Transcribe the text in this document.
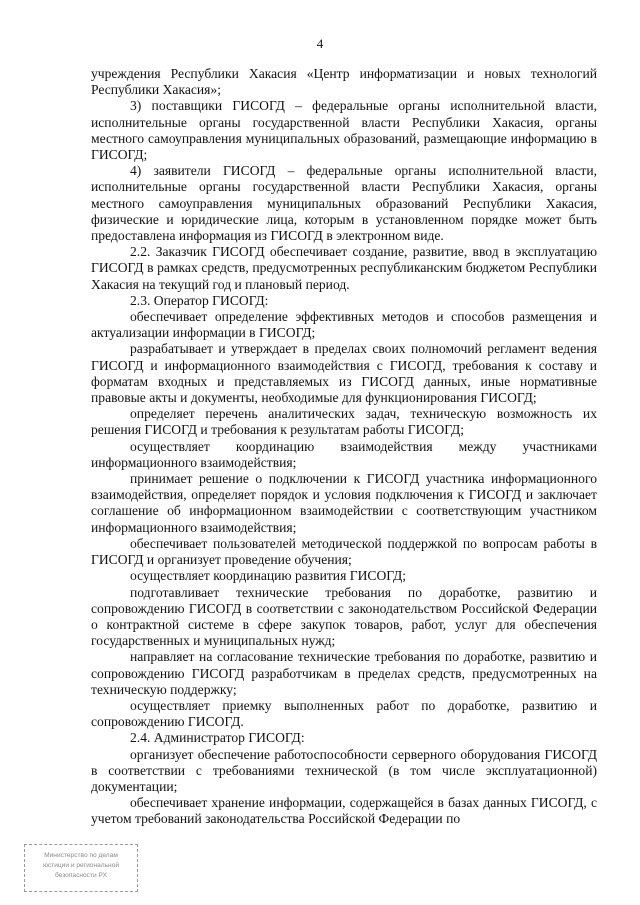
4

учреждения Республики Хакасия «Центр информатизации и новых технологий Республики Хакасия»;

3) поставщики ГИСОГД – федеральные органы исполнительной власти, исполнительные органы государственной власти Республики Хакасия, органы местного самоуправления муниципальных образований, размещающие информацию в ГИСОГД;

4) заявители ГИСОГД – федеральные органы исполнительной власти, исполнительные органы государственной власти Республики Хакасия, органы местного самоуправления муниципальных образований Республики Хакасия, физические и юридические лица, которым в установленном порядке может быть предоставлена информация из ГИСОГД в электронном виде.

2.2. Заказчик ГИСОГД обеспечивает создание, развитие, ввод в эксплуатацию ГИСОГД в рамках средств, предусмотренных республиканским бюджетом Республики Хакасия на текущий год и плановый период.

2.3. Оператор ГИСОГД:

обеспечивает определение эффективных методов и способов размещения и актуализации информации в ГИСОГД;

разрабатывает и утверждает в пределах своих полномочий регламент ведения ГИСОГД и информационного взаимодействия с ГИСОГД, требования к составу и форматам входных и представляемых из ГИСОГД данных, иные нормативные правовые акты и документы, необходимые для функционирования ГИСОГД;

определяет перечень аналитических задач, техническую возможность их решения ГИСОГД и требования к результатам работы ГИСОГД;

осуществляет координацию взаимодействия между участниками информационного взаимодействия;

принимает решение о подключении к ГИСОГД участника информационного взаимодействия, определяет порядок и условия подключения к ГИСОГД и заключает соглашение об информационном взаимодействии с соответствующим участником информационного взаимодействия;

обеспечивает пользователей методической поддержкой по вопросам работы в ГИСОГД и организует проведение обучения;

осуществляет координацию развития ГИСОГД;

подготавливает технические требования по доработке, развитию и сопровождению ГИСОГД в соответствии с законодательством Российской Федерации о контрактной системе в сфере закупок товаров, работ, услуг для обеспечения государственных и муниципальных нужд;

направляет на согласование технические требования по доработке, развитию и сопровождению ГИСОГД разработчикам в пределах средств, предусмотренных на техническую поддержку;

осуществляет приемку выполненных работ по доработке, развитию и сопровождению ГИСОГД.

2.4. Администратор ГИСОГД:

организует обеспечение работоспособности серверного оборудования ГИСОГД в соответствии с требованиями технической (в том числе эксплуатационной) документации;

обеспечивает хранение информации, содержащейся в базах данных ГИСОГД, с учетом требований законодательства Российской Федерации по

Министерство по делам
юстиции и региональной
безопасности РХ
